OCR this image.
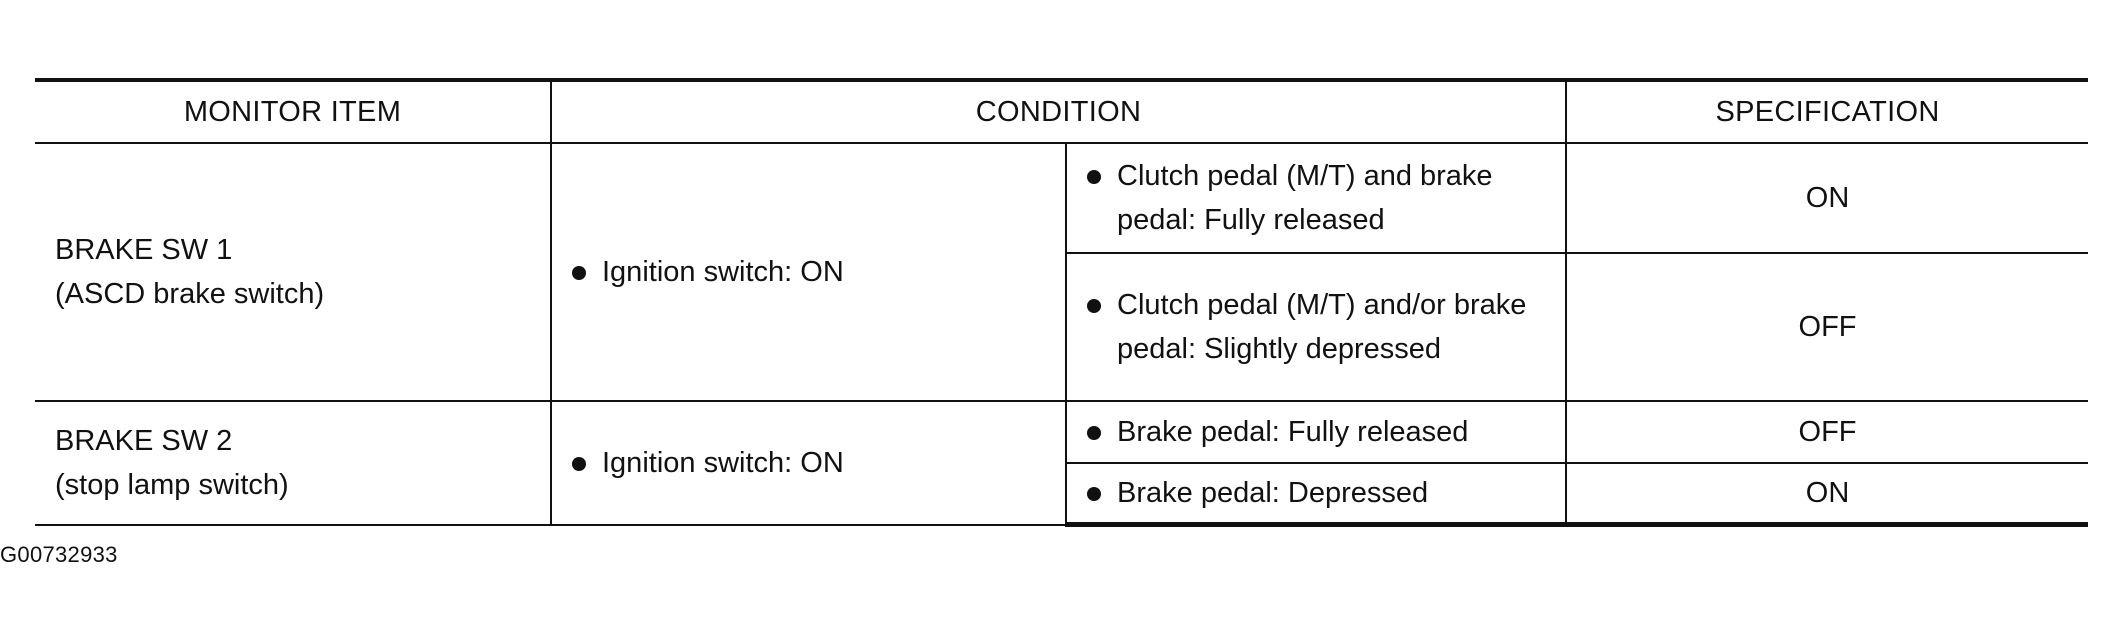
MONITOR ITEM	CONDITION		SPECIFICATION

BRAKE SW 1
(ASCD brake switch)	Ignition switch: ON	Clutch pedal (M/T) and brake pedal: Fully released	ON

		Clutch pedal (M/T) and/or brake pedal: Slightly depressed	OFF

BRAKE SW 2
(stop lamp switch)	Ignition switch: ON	Brake pedal: Fully released	OFF

		Brake pedal: Depressed	ON
G00732933
